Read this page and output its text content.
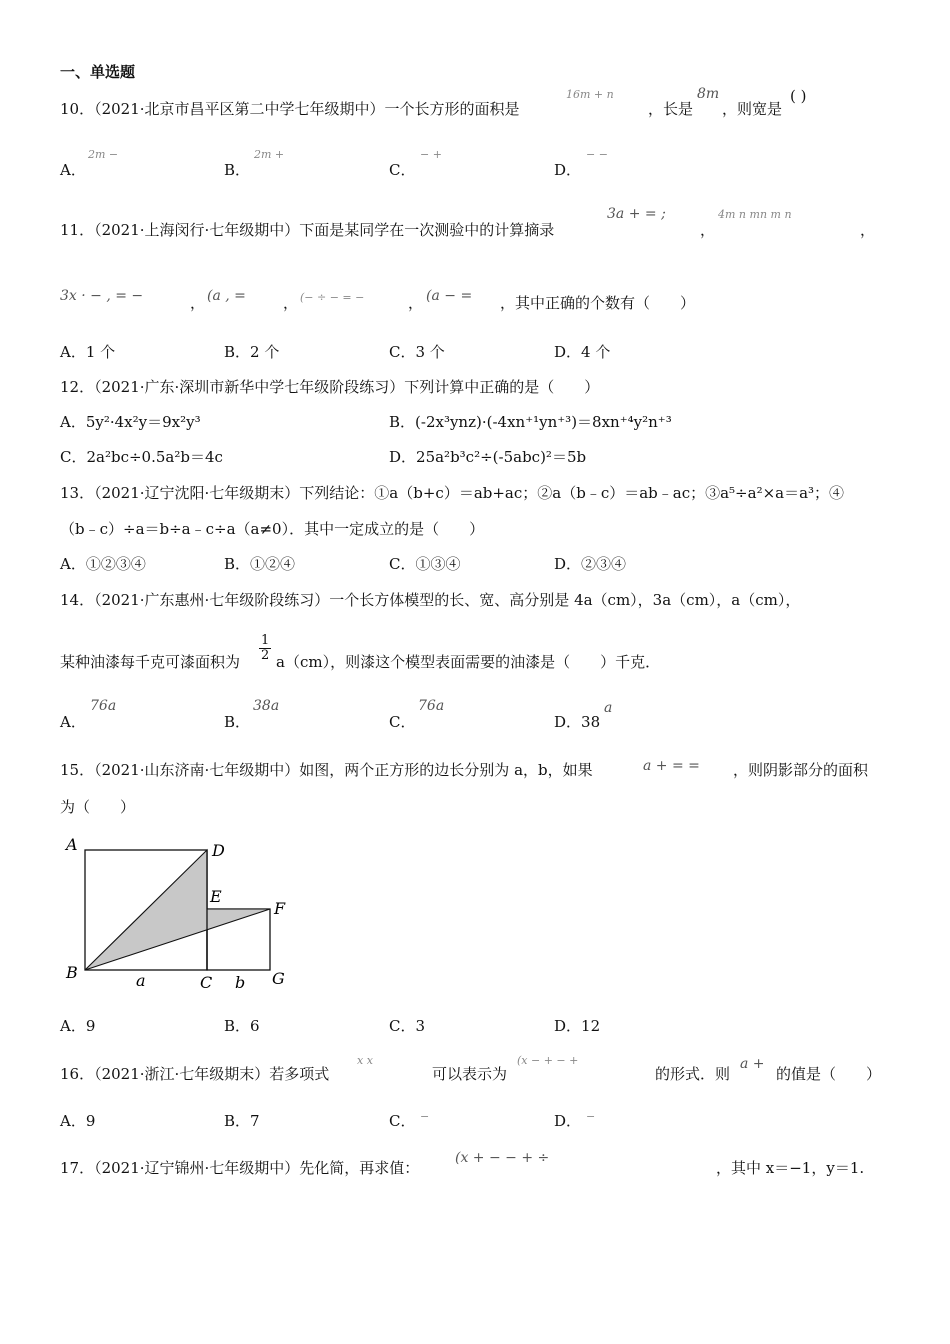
一、单选题
10．（2021·北京市昌平区第二中学七年级期中）一个长方形的面积是
16m + n
，长是
8m
，则宽是
( )
A．
2m −
B．
2m +
C．
− +
D．
− −
11．（2021·上海闵行·七年级期中）下面是某同学在一次测验中的计算摘录
3a + = ;
，
4m n mn m n
，
3x · − , = −	， (a , = ， (− ÷ − = −	， (a − = ，其中正确的个数有（　　）
A．1 个	B．2 个	C．3 个	D．4 个
12．（2021·广东·深圳市新华中学七年级阶段练习）下列计算中正确的是（　　）
A．5y²·4x²y＝9x²y³	B．(-2x³ynz)·(-4xn⁺¹yn⁺³)＝8xn⁺⁴y²n⁺³
C．2a²bc÷0.5a²b＝4c	D．25a²b³c²÷(-5abc)²＝5b
13．（2021·辽宁沈阳·七年级期末）下列结论：①a（b+c）＝ab+ac；②a（b﹣c）＝ab﹣ac；③a⁵÷a²×a＝a³；④
（b﹣c）÷a＝b÷a﹣c÷a（a≠0）．其中一定成立的是（　　）
A．①②③④	B．①②④	C．①③④	D．②③④
14．（2021·广东惠州·七年级阶段练习）一个长方体模型的长、宽、高分别是 4a（cm），3a（cm），a（cm），
某种油漆每千克可漆面积为 $\frac{1}{2} a(cm)$，则漆这个模型表面需要的油漆是（　　）千克．
A．
76a
B．
38a
C．
76a
D．38
a
15．（2021·山东济南·七年级期中）如图，两个正方形的边长分别为 a，b，如果	a + = = ，则阴影部分的面积
为（　　）
A	D
E
F
B
C	G
a	b
A．9	B．6	C．3	D．12
16．（2021·浙江·七年级期末）若多项式
x x
可以表示为
(x − + − +
的形式．则
a +
的值是（　　）
A．9	B．7	C． −	D． −
17．（2021·辽宁锦州·七年级期中）先化简，再求值：
(x + − − + ÷
，其中 x＝−1，y＝1.
